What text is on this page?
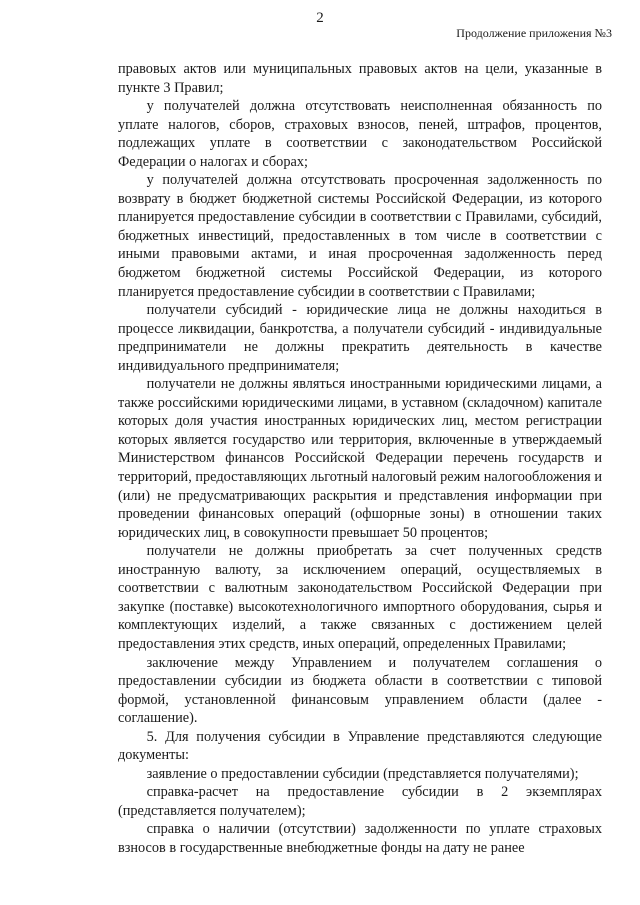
2
Продолжение приложения №3

правовых актов или муниципальных правовых актов на цели, указанные в пункте 3 Правил;

у получателей должна отсутствовать неисполненная обязанность по уплате налогов, сборов, страховых взносов, пеней, штрафов, процентов, подлежащих уплате в соответствии с законодательством Российской Федерации о налогах и сборах;

у получателей должна отсутствовать просроченная задолженность по возврату в бюджет бюджетной системы Российской Федерации, из которого планируется предоставление субсидии в соответствии с Правилами, субсидий, бюджетных инвестиций, предоставленных в том числе в соответствии с иными правовыми актами, и иная просроченная задолженность перед бюджетом бюджетной системы Российской Федерации, из которого планируется предоставление субсидии в соответствии с Правилами;

получатели субсидий - юридические лица не должны находиться в процессе ликвидации, банкротства, а получатели субсидий - индивидуальные предприниматели не должны прекратить деятельность в качестве индивидуального предпринимателя;

получатели не должны являться иностранными юридическими лицами, а также российскими юридическими лицами, в уставном (складочном) капитале которых доля участия иностранных юридических лиц, местом регистрации которых является государство или территория, включенные в утверждаемый Министерством финансов Российской Федерации перечень государств и территорий, предоставляющих льготный налоговый режим налогообложения и (или) не предусматривающих раскрытия и представления информации при проведении финансовых операций (офшорные зоны) в отношении таких юридических лиц, в совокупности превышает 50 процентов;

получатели не должны приобретать за счет полученных средств иностранную валюту, за исключением операций, осуществляемых в соответствии с валютным законодательством Российской Федерации при закупке (поставке) высокотехнологичного импортного оборудования, сырья и комплектующих изделий, а также связанных с достижением целей предоставления этих средств, иных операций, определенных Правилами;

заключение между Управлением и получателем соглашения о предоставлении субсидии из бюджета области в соответствии с типовой формой, установленной финансовым управлением области (далее - соглашение).

5. Для получения субсидии в Управление представляются следующие документы:

заявление о предоставлении субсидии (представляется получателями);

справка-расчет на предоставление субсидии в 2 экземплярах (представляется получателем);

справка о наличии (отсутствии) задолженности по уплате страховых взносов в государственные внебюджетные фонды на дату не ранее
